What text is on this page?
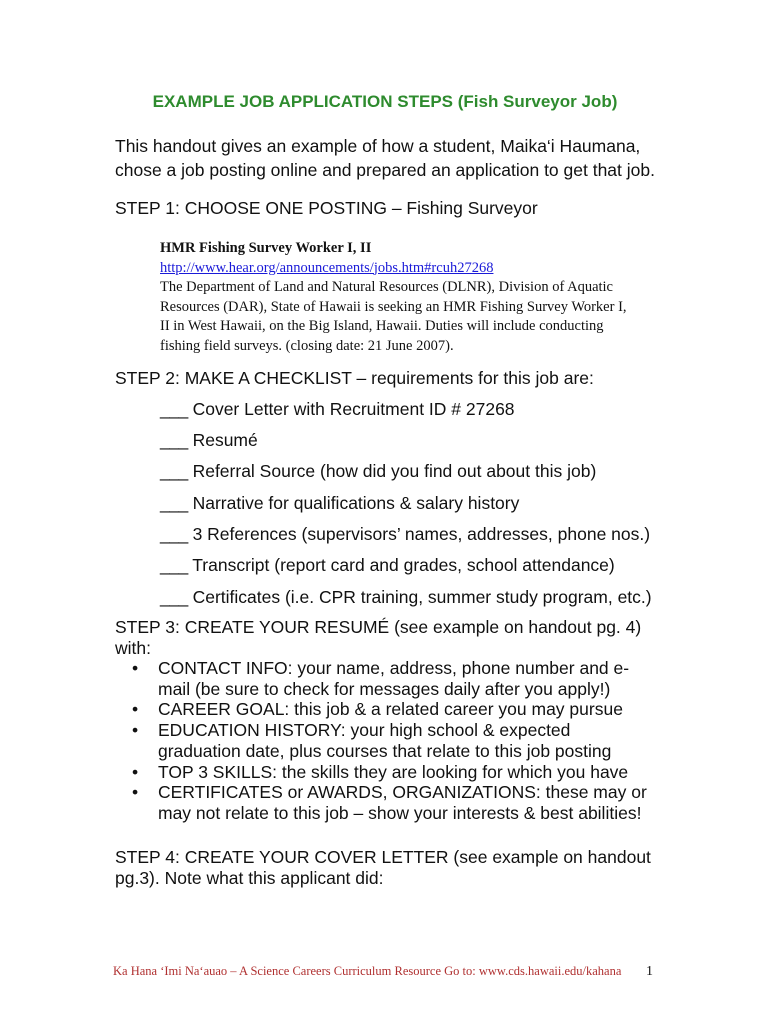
EXAMPLE JOB APPLICATION STEPS (Fish Surveyor Job)
This handout gives an example of how a student, Maika‘i Haumana,
chose a job posting online and prepared an application to get that job.
STEP 1: CHOOSE ONE POSTING – Fishing Surveyor
HMR Fishing Survey Worker I, II
http://www.hear.org/announcements/jobs.htm#rcuh27268
The Department of Land and Natural Resources (DLNR), Division of Aquatic
Resources (DAR), State of Hawaii is seeking an HMR Fishing Survey Worker I,
II in West Hawaii, on the Big Island, Hawaii. Duties will include conducting
fishing field surveys. (closing date: 21 June 2007).
STEP 2: MAKE A CHECKLIST – requirements for this job are:
___ Cover Letter with Recruitment ID # 27268
___ Resumé
___ Referral Source (how did you find out about this job)
___ Narrative for qualifications & salary history
___ 3 References (supervisors’ names, addresses, phone nos.)
___ Transcript (report card and grades, school attendance)
___ Certificates (i.e. CPR training, summer study program, etc.)
STEP 3: CREATE YOUR RESUMÉ (see example on handout pg. 4)
with:
• CONTACT INFO: your name, address, phone number and e-
mail (be sure to check for messages daily after you apply!)
• CAREER GOAL: this job & a related career you may pursue
• EDUCATION HISTORY: your high school & expected
graduation date, plus courses that relate to this job posting
• TOP 3 SKILLS: the skills they are looking for which you have
• CERTIFICATES or AWARDS, ORGANIZATIONS: these may or
may not relate to this job – show your interests & best abilities!
STEP 4: CREATE YOUR COVER LETTER (see example on handout
pg.3). Note what this applicant did:
Ka Hana ‘Imi Na‘auao – A Science Careers Curriculum Resource Go to: www.cds.hawaii.edu/kahana	1
